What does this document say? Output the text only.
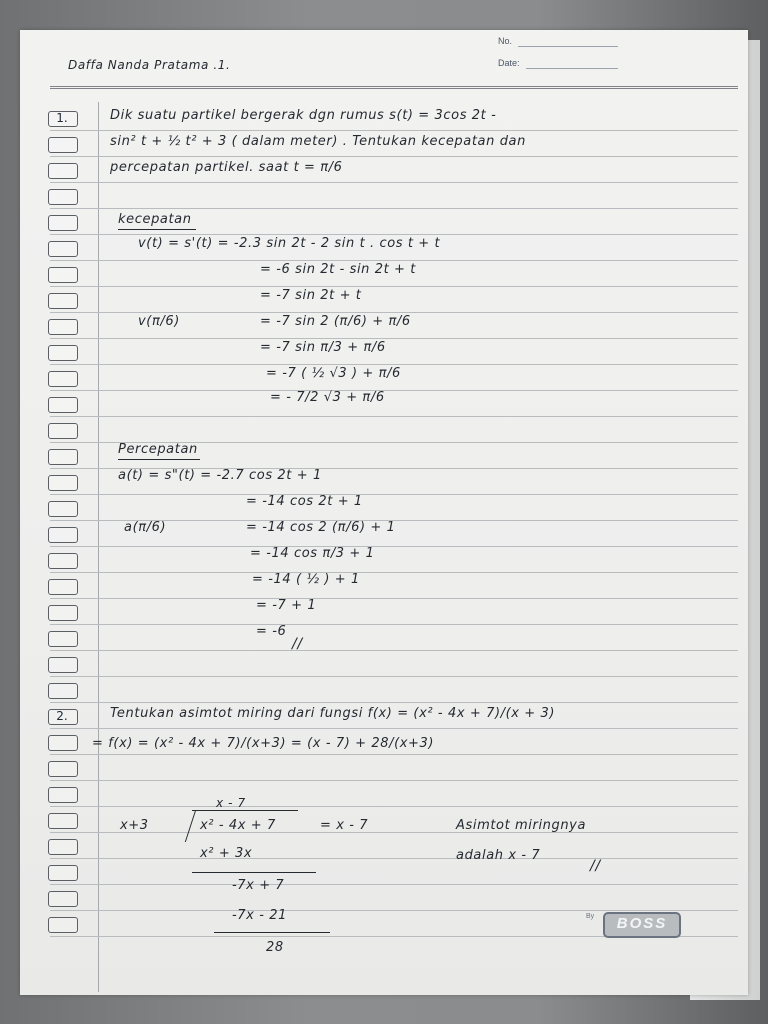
No.
Date:
Daffa Nanda Pratama .1.
1.
2.
Dik suatu partikel bergerak dgn rumus s(t) = 3cos 2t -
sin² t + ½ t² + 3 ( dalam meter) . Tentukan kecepatan dan
percepatan partikel. saat t = π/6
kecepatan
v(t) = s'(t) = -2.3 sin 2t - 2 sin t . cos t + t
= -6 sin 2t - sin 2t + t
= -7 sin 2t + t
v(π/6)	= -7 sin 2 (π/6) + π/6
= -7 sin π/3 + π/6
= -7 ( ½ √3 ) + π/6
= - 7/2 √3 + π/6
Percepatan
a(t) = s"(t) = -2.7 cos 2t + 1
= -14 cos 2t + 1
a(π/6)	= -14 cos 2 (π/6) + 1
= -14 cos π/3 + 1
= -14 ( ½ ) + 1
= -7 + 1
= -6
//
Tentukan asimtot miring dari fungsi f(x) = (x² - 4x + 7)/(x + 3)
= f(x) = (x² - 4x + 7)/(x+3) = (x - 7) + 28/(x+3)
x - 7
x+3	x² - 4x + 7	= x - 7
x² + 3x
-7x + 7
-7x - 21
28
Asimtot miringnya
adalah x - 7
//
By	BOSS
